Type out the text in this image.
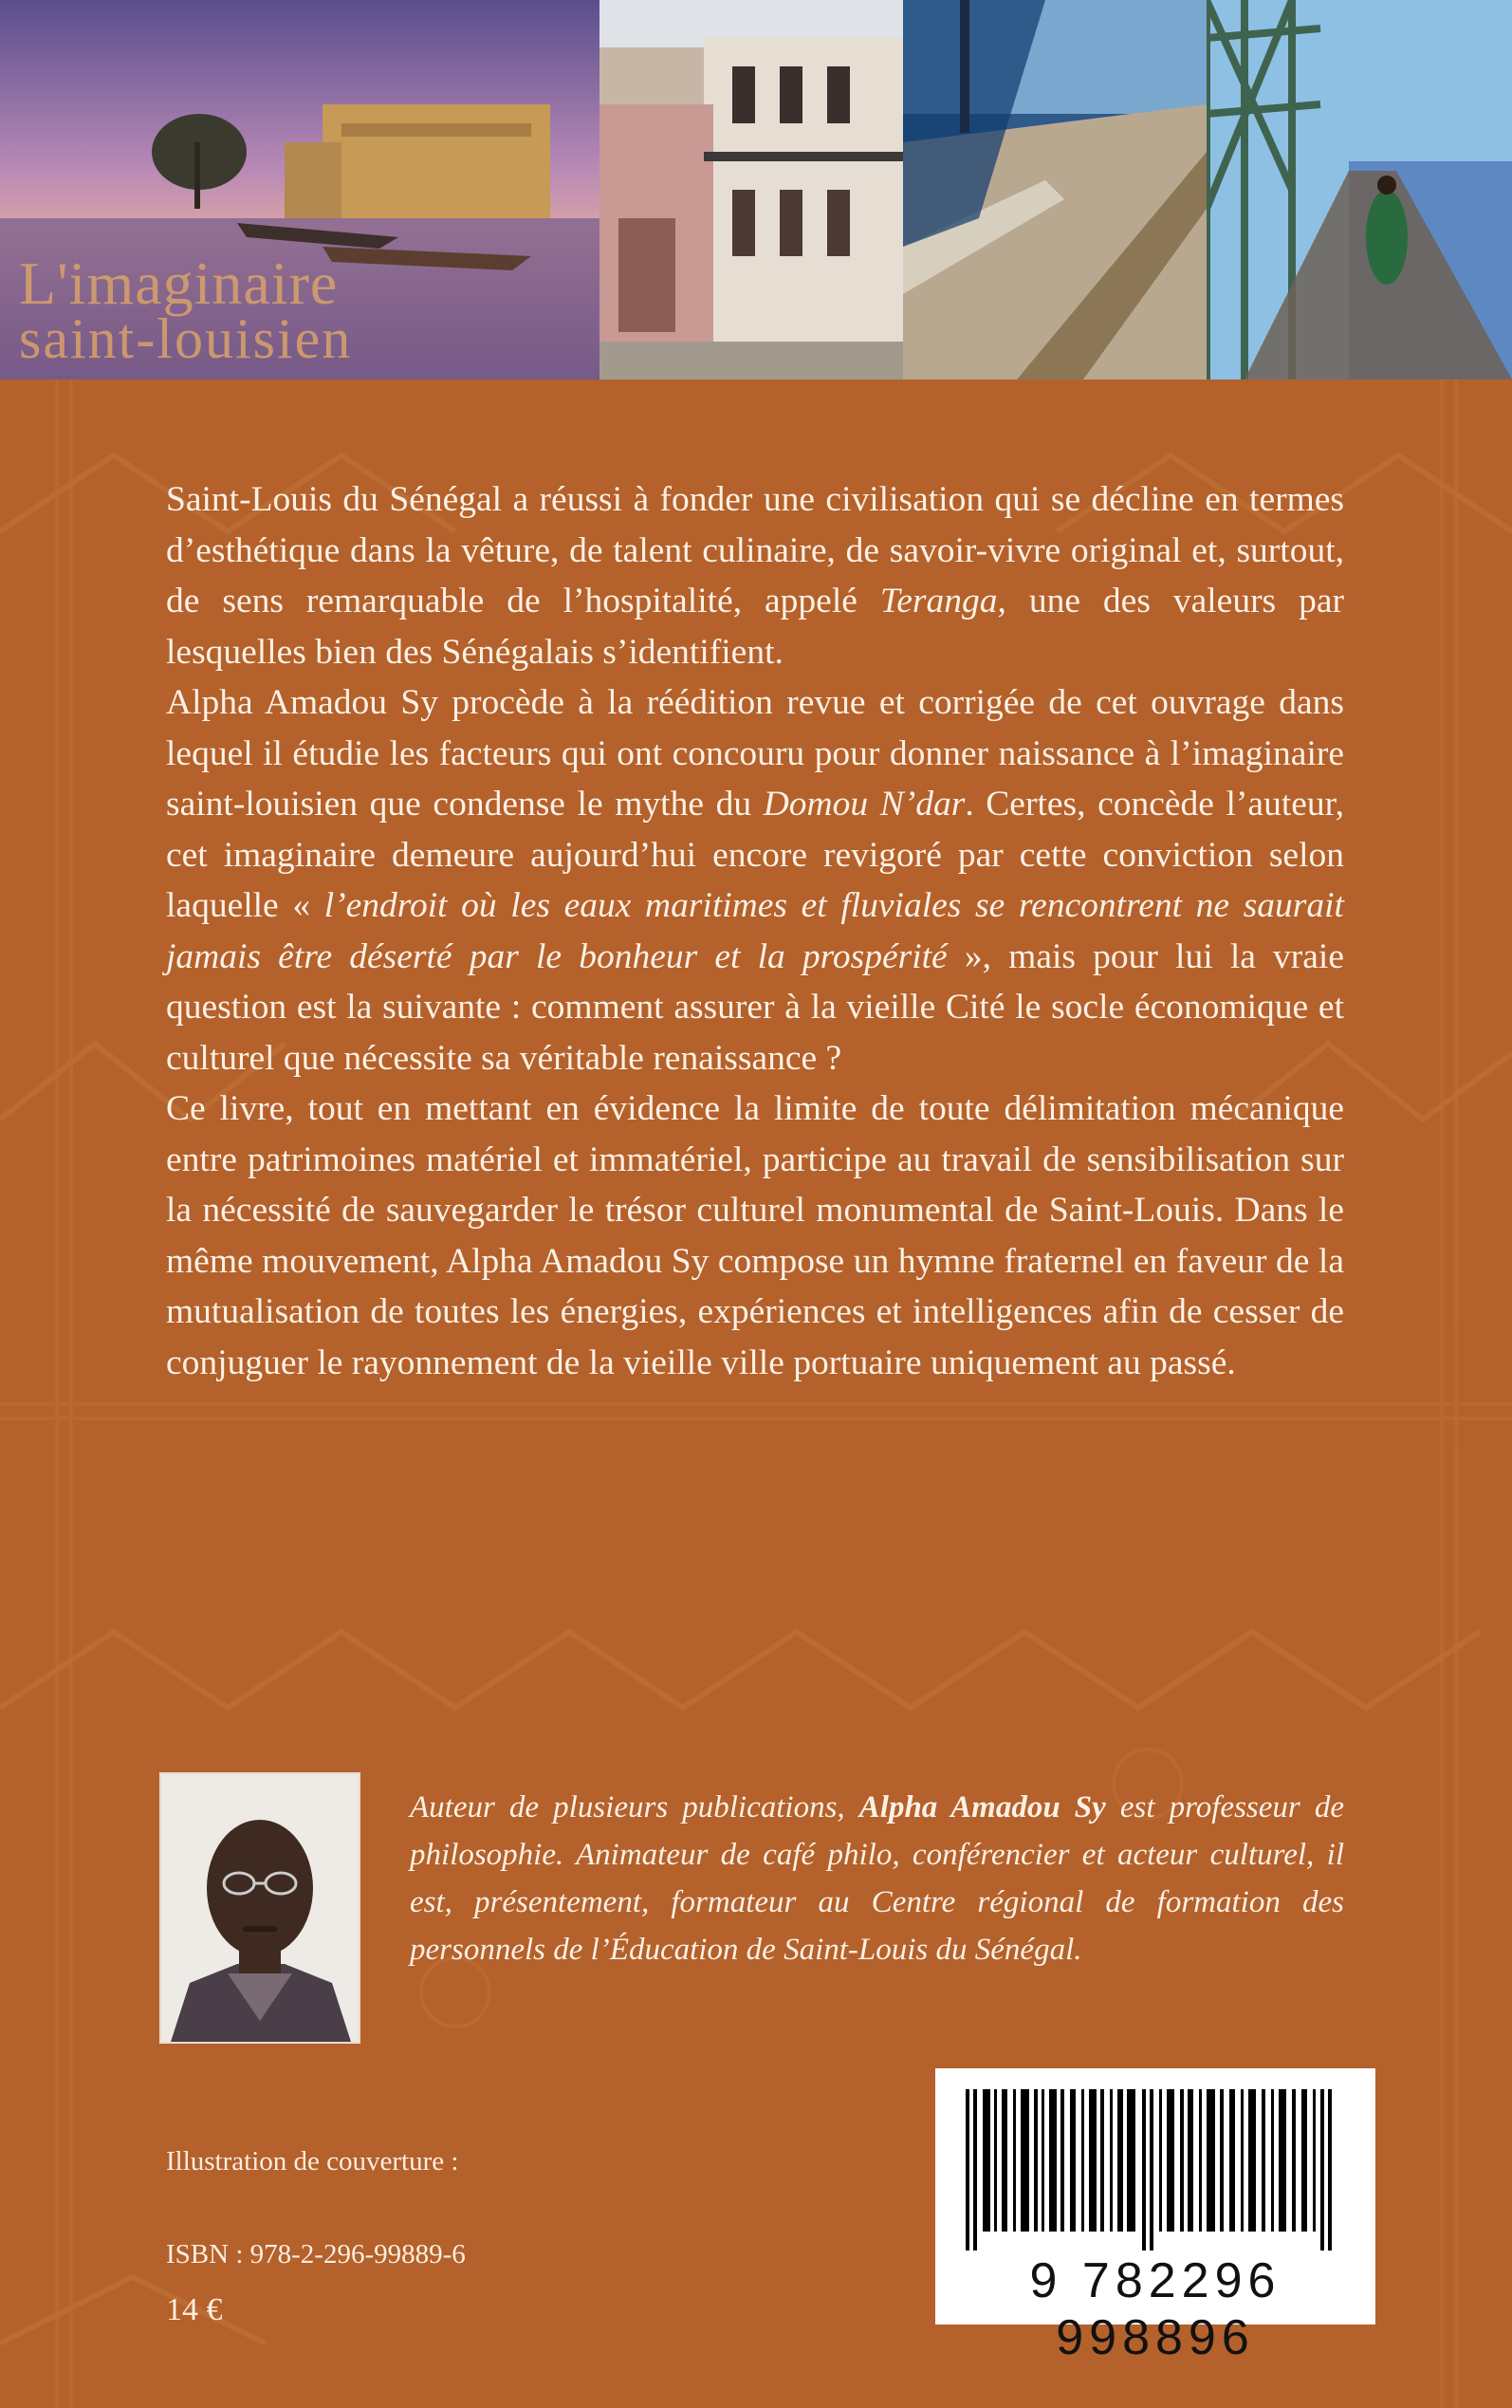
L'imaginaire
saint-louisien

Saint-Louis du Sénégal a réussi à fonder une civilisation qui se décline en termes d’esthétique dans la vêture, de talent culinaire, de savoir-vivre original et, surtout, de sens remarquable de l’hospitalité, appelé Teranga, une des valeurs par lesquelles bien des Sénégalais s’identifient.

Alpha Amadou Sy procède à la réédition revue et corrigée de cet ouvrage dans lequel il étudie les facteurs qui ont concouru pour donner naissance à l’imaginaire saint-louisien que condense le mythe du Domou N’dar. Certes, concède l’auteur, cet imaginaire demeure aujourd’hui encore revigoré par cette conviction selon laquelle « l’endroit où les eaux maritimes et fluviales se rencontrent ne saurait jamais être déserté par le bonheur et la prospérité », mais pour lui la vraie question est la suivante : comment assurer à la vieille Cité le socle économique et culturel que nécessite sa véritable renaissance ?

Ce livre, tout en mettant en évidence la limite de toute délimitation mécanique entre patrimoines matériel et immatériel, participe au travail de sensibilisation sur la nécessité de sauvegarder le trésor culturel monumental de Saint-Louis. Dans le même mouvement, Alpha Amadou Sy compose un hymne fraternel en faveur de la mutualisation de toutes les énergies, expériences et intelligences afin de cesser de conjuguer le rayonnement de la vieille ville portuaire uniquement au passé.

Auteur de plusieurs publications, Alpha Amadou Sy est professeur de philosophie. Animateur de café philo, conférencier et acteur culturel, il est, présentement, formateur au Centre régional de formation des personnels de l’Éducation de Saint-Louis du Sénégal.
Illustration de couverture :
ISBN : 978-2-296-99889-6
14 €
9 782296 998896
